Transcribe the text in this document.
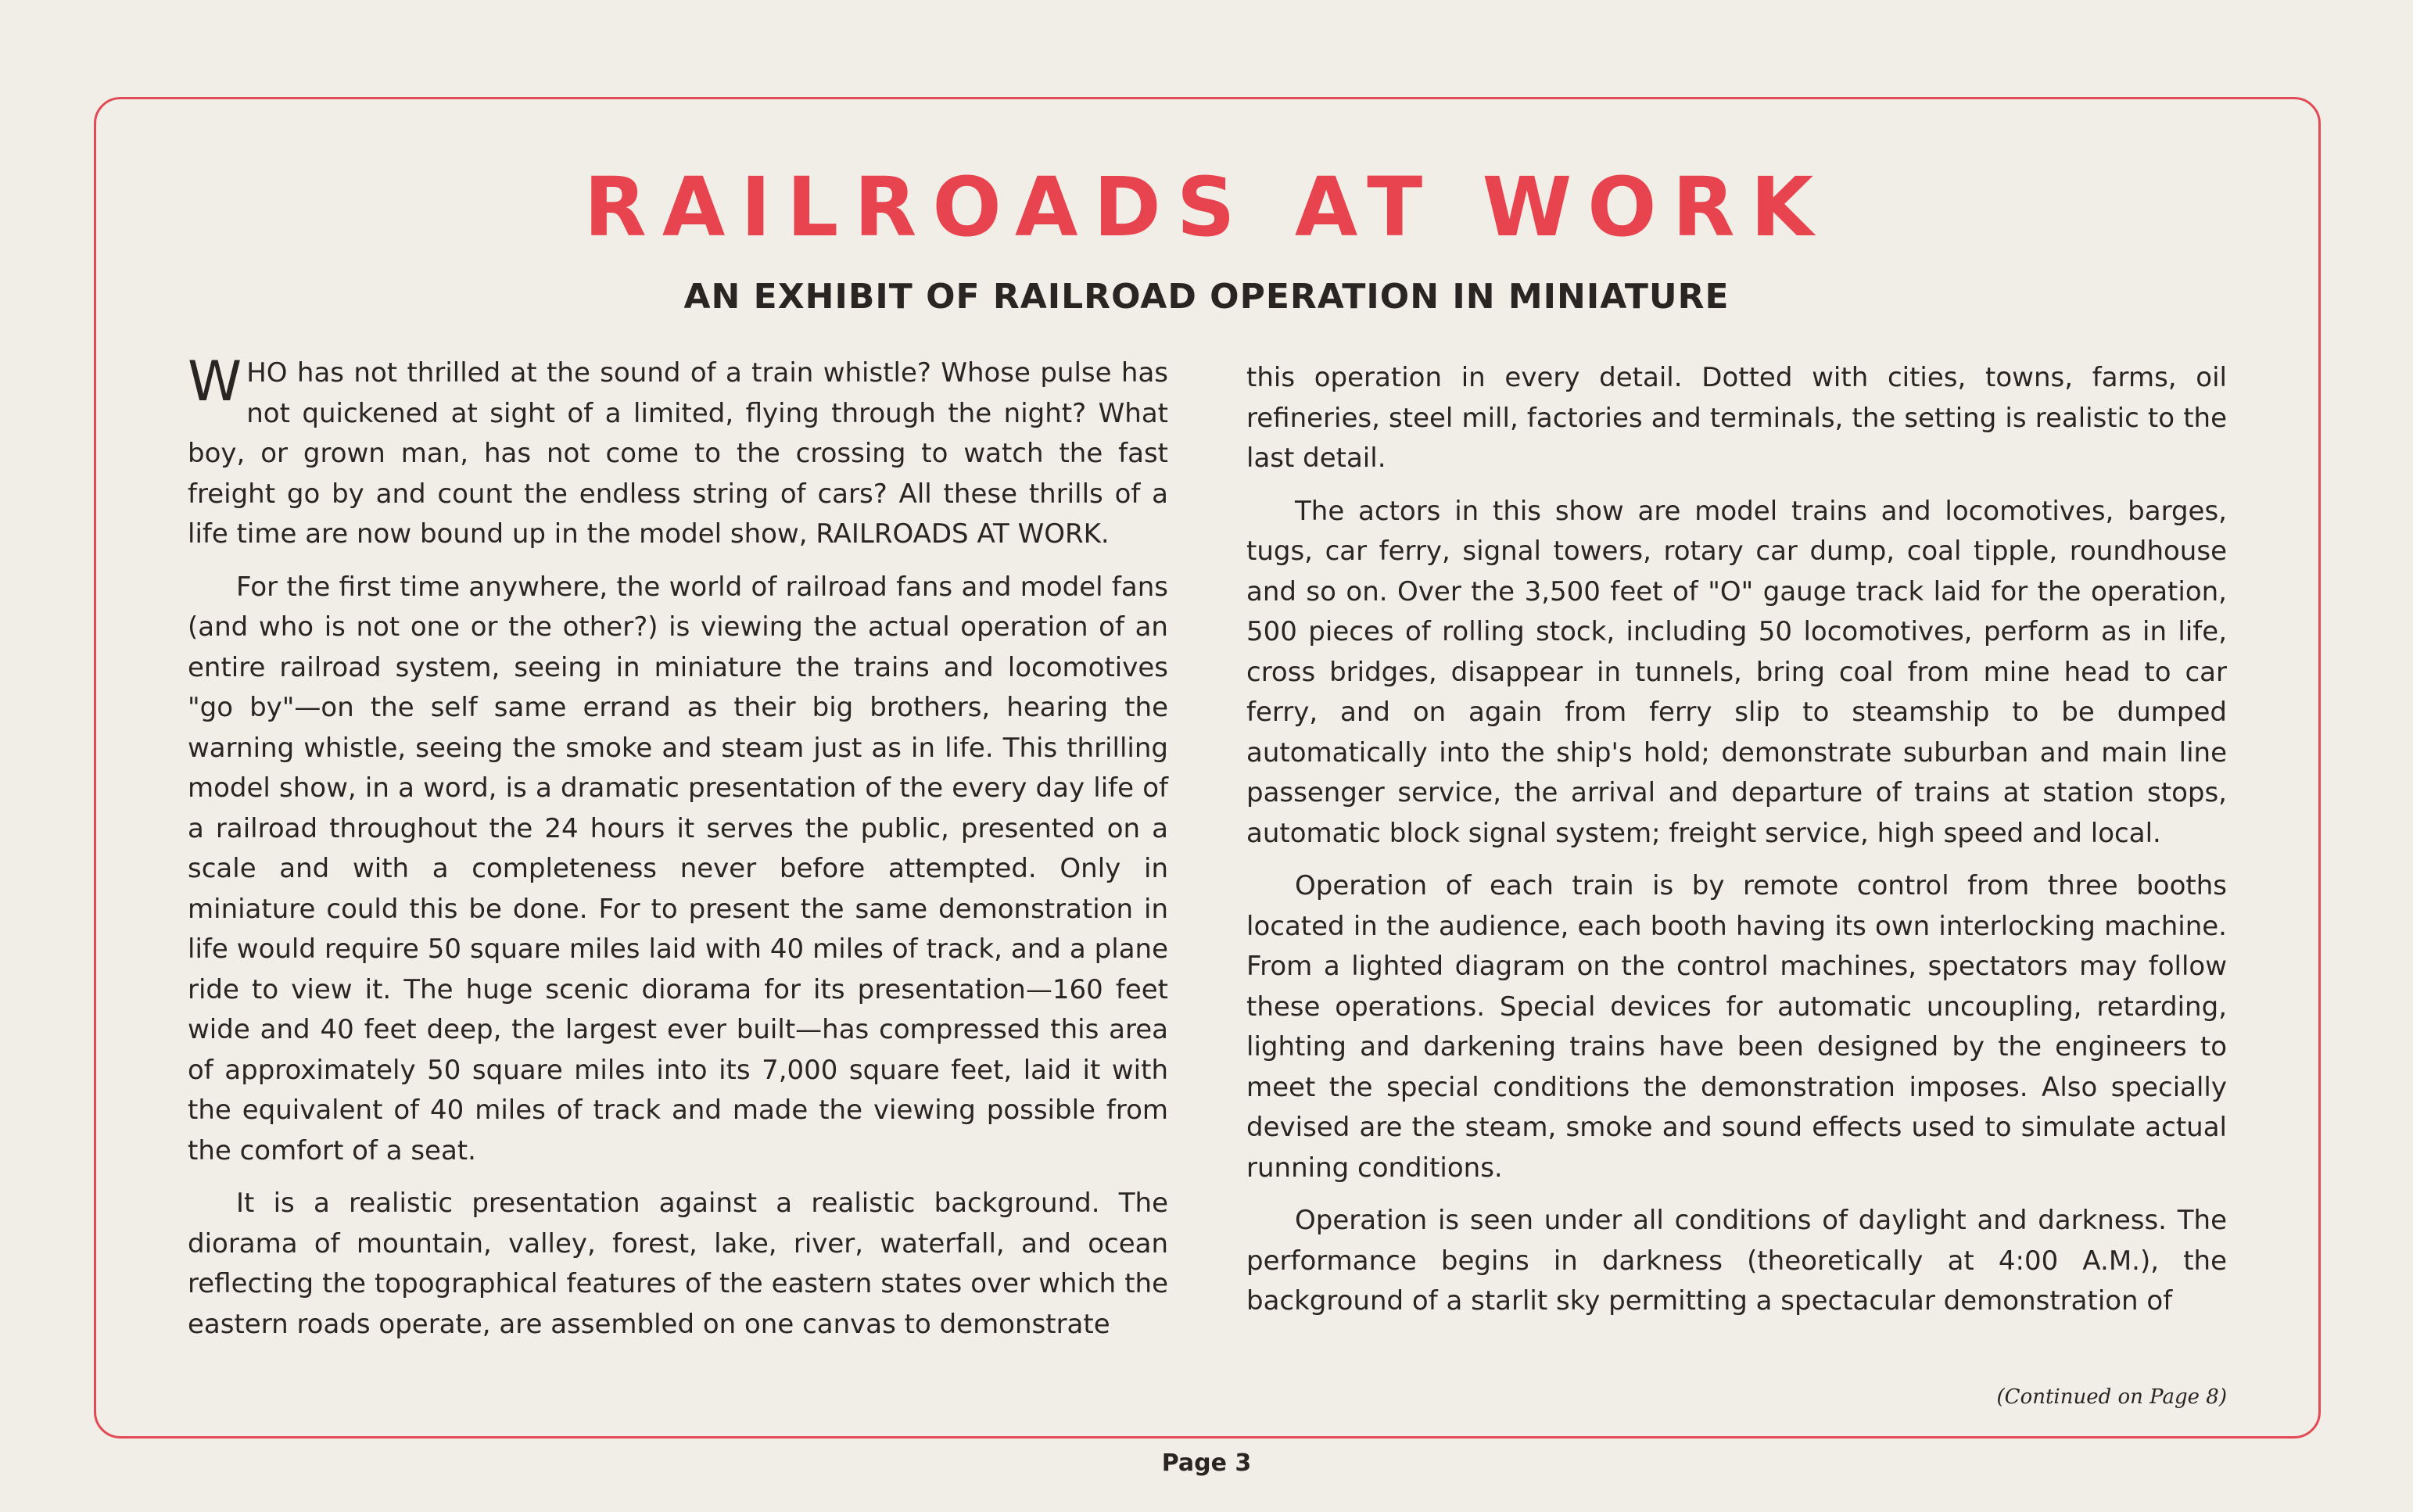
RAILROADS AT WORK
AN EXHIBIT OF RAILROAD OPERATION IN MINIATURE

WHO has not thrilled at the sound of a train whistle? Whose pulse has not quickened at sight of a limited, flying through the night? What boy, or grown man, has not come to the crossing to watch the fast freight go by and count the endless string of cars? All these thrills of a life time are now bound up in the model show, RAILROADS AT WORK.

For the first time anywhere, the world of railroad fans and model fans (and who is not one or the other?) is viewing the actual operation of an entire railroad system, seeing in miniature the trains and locomotives "go by"—on the self same errand as their big brothers, hearing the warning whistle, seeing the smoke and steam just as in life. This thrilling model show, in a word, is a dramatic presentation of the every day life of a railroad throughout the 24 hours it serves the public, presented on a scale and with a completeness never before attempted. Only in miniature could this be done. For to present the same demonstration in life would require 50 square miles laid with 40 miles of track, and a plane ride to view it. The huge scenic diorama for its presentation—160 feet wide and 40 feet deep, the largest ever built—has compressed this area of approximately 50 square miles into its 7,000 square feet, laid it with the equivalent of 40 miles of track and made the viewing possible from the comfort of a seat.

It is a realistic presentation against a realistic background. The diorama of mountain, valley, forest, lake, river, waterfall, and ocean reflecting the topographical features of the eastern states over which the eastern roads operate, are assembled on one canvas to demonstrate

this operation in every detail. Dotted with cities, towns, farms, oil refineries, steel mill, factories and terminals, the setting is realistic to the last detail.

The actors in this show are model trains and locomotives, barges, tugs, car ferry, signal towers, rotary car dump, coal tipple, roundhouse and so on. Over the 3,500 feet of "O" gauge track laid for the operation, 500 pieces of rolling stock, including 50 locomotives, perform as in life, cross bridges, disappear in tunnels, bring coal from mine head to car ferry, and on again from ferry slip to steamship to be dumped automatically into the ship's hold; demonstrate suburban and main line passenger service, the arrival and departure of trains at station stops, automatic block signal system; freight service, high speed and local.

Operation of each train is by remote control from three booths located in the audience, each booth having its own interlocking machine. From a lighted diagram on the control machines, spectators may follow these operations. Special devices for automatic uncoupling, retarding, lighting and darkening trains have been designed by the engineers to meet the special conditions the demonstration imposes. Also specially devised are the steam, smoke and sound effects used to simulate actual running conditions.

Operation is seen under all conditions of daylight and darkness. The performance begins in darkness (theoretically at 4:00 A.M.), the background of a starlit sky permitting a spectacular demonstration of

(Continued on Page 8)
Page 3
